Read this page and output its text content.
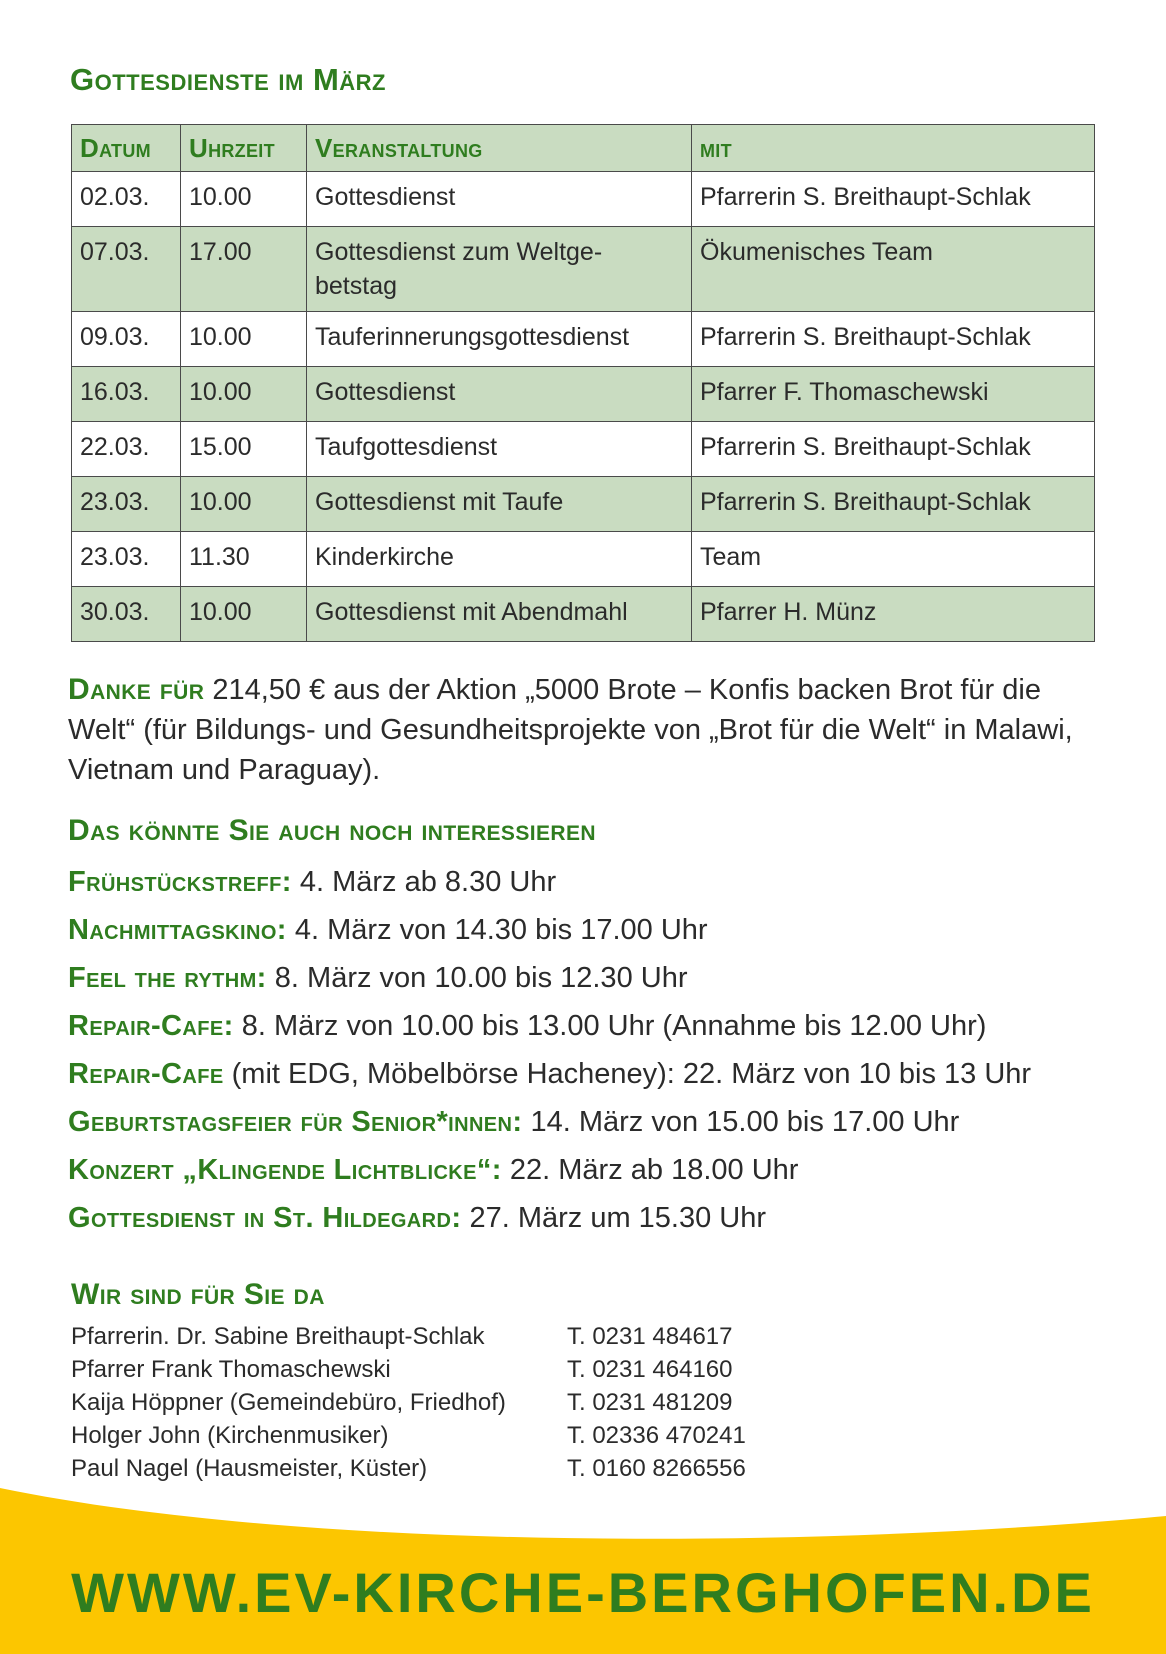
Gottesdienste im März
Datum	Uhrzeit	Veranstaltung	mit
02.03.	10.00	Gottesdienst	Pfarrerin S. Breithaupt-Schlak
07.03.	17.00	Gottesdienst zum Weltge-betstag	Ökumenisches Team
09.03.	10.00	Tauferinnerungsgottesdienst	Pfarrerin S. Breithaupt-Schlak
16.03.	10.00	Gottesdienst	Pfarrer F. Thomaschewski
22.03.	15.00	Taufgottesdienst	Pfarrerin S. Breithaupt-Schlak
23.03.	10.00	Gottesdienst mit Taufe	Pfarrerin S. Breithaupt-Schlak
23.03.	11.30	Kinderkirche	Team
30.03.	10.00	Gottesdienst mit Abendmahl	Pfarrer H. Münz
Danke für 214,50 € aus der Aktion „5000 Brote – Konfis backen Brot für die Welt“ (für Bildungs- und Gesundheitsprojekte von „Brot für die Welt“ in Malawi, Vietnam und Paraguay).
Das könnte Sie auch noch interessieren
Frühstückstreff: 4. März ab 8.30 Uhr
Nachmittagskino: 4. März von 14.30 bis 17.00 Uhr
Feel the rythm: 8. März von 10.00 bis 12.30 Uhr
Repair-Cafe: 8. März von 10.00 bis 13.00 Uhr (Annahme bis 12.00 Uhr)
Repair-Cafe (mit EDG, Möbelbörse Hacheney): 22. März von 10 bis 13 Uhr
Geburtstagsfeier für Senior*innen: 14. März von 15.00 bis 17.00 Uhr
Konzert „Klingende Lichtblicke“: 22. März ab 18.00 Uhr
Gottesdienst in St. Hildegard: 27. März um 15.30 Uhr
Wir sind für Sie da
Pfarrerin. Dr. Sabine Breithaupt-Schlak	T. 0231 484617
Pfarrer Frank Thomaschewski	T. 0231 464160
Kaija Höppner (Gemeindebüro, Friedhof)	T. 0231 481209
Holger John (Kirchenmusiker)	T. 02336 470241
Paul Nagel (Hausmeister, Küster)	T. 0160 8266556
WWW.EV-KIRCHE-BERGHOFEN.DE
